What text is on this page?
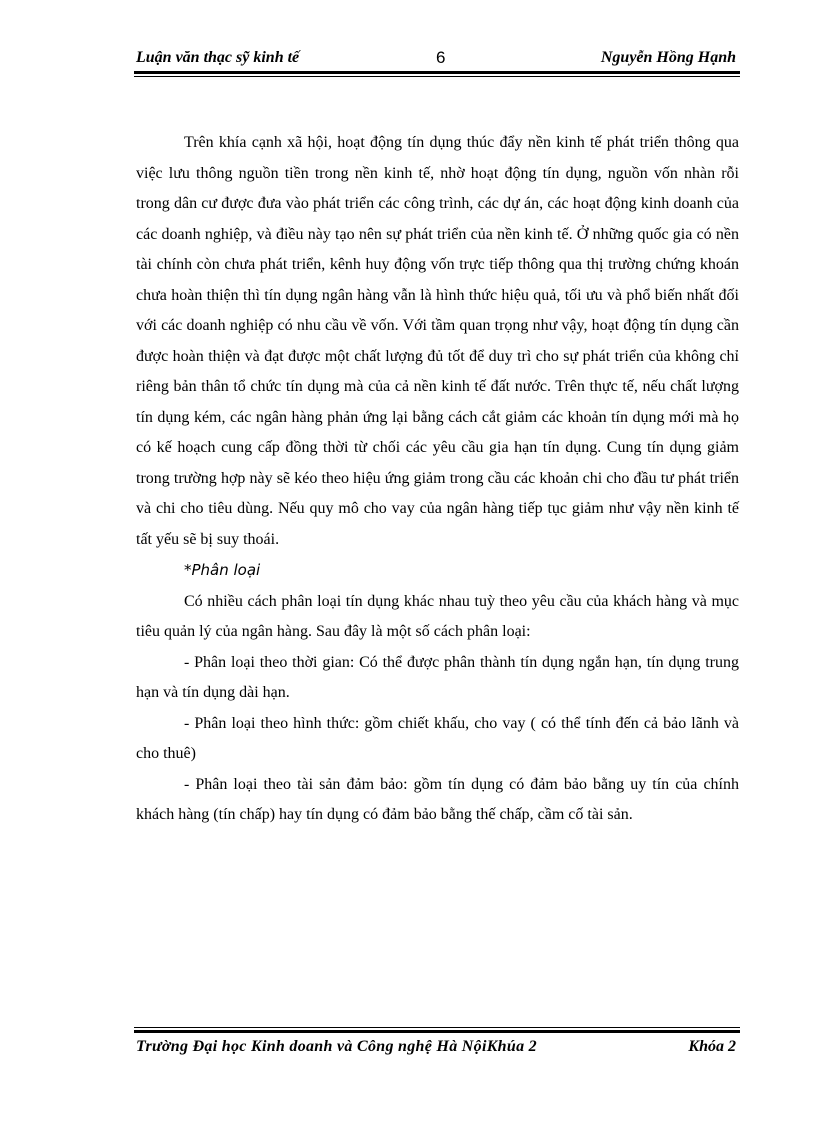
Luận văn thạc sỹ kinh tế	6	Nguyễn Hồng Hạnh

Trên khía cạnh xã hội, hoạt động tín dụng thúc đẩy nền kinh tế phát triển thông qua việc lưu thông nguồn tiền trong nền kinh tế, nhờ hoạt động tín dụng, nguồn vốn nhàn rỗi trong dân cư được đưa vào phát triển các công trình, các dự án, các hoạt động kinh doanh của các doanh nghiệp, và điều này tạo nên sự phát triển của nền kinh tế. Ở những quốc gia có nền tài chính còn chưa phát triển, kênh huy động vốn trực tiếp thông qua thị trường chứng khoán chưa hoàn thiện thì tín dụng ngân hàng vẫn là hình thức hiệu quả, tối ưu và phổ biến nhất đối với các doanh nghiệp có nhu cầu về vốn. Với tầm quan trọng như vậy, hoạt động tín dụng cần được hoàn thiện và đạt được một chất lượng đủ tốt để duy trì cho sự phát triển của không chỉ riêng bản thân tổ chức tín dụng mà của cả nền kinh tế đất nước. Trên thực tế, nếu chất lượng tín dụng kém, các ngân hàng phản ứng lại bằng cách cắt giảm các khoản tín dụng mới mà họ có kế hoạch cung cấp đồng thời từ chối các yêu cầu gia hạn tín dụng. Cung tín dụng giảm trong trường hợp này sẽ kéo theo hiệu ứng giảm trong cầu các khoản chi cho đầu tư phát triển và chi cho tiêu dùng. Nếu quy mô cho vay của ngân hàng tiếp tục giảm như vậy nền kinh tế tất yếu sẽ bị suy thoái.

*Phân loại

Có nhiều cách phân loại tín dụng khác nhau tuỳ theo yêu cầu của khách hàng và mục tiêu quản lý của ngân hàng. Sau đây là một số cách phân loại:

- Phân loại theo thời gian: Có thể được phân thành tín dụng ngắn hạn, tín dụng trung hạn và tín dụng dài hạn.

- Phân loại theo hình thức: gồm chiết khấu, cho vay ( có thể tính đến cả bảo lãnh và cho thuê)

- Phân loại theo tài sản đảm bảo: gồm tín dụng có đảm bảo bằng uy tín của chính khách hàng (tín chấp) hay tín dụng có đảm bảo bằng thế chấp, cầm cố tài sản.

Trường Đại học Kinh doanh và Công nghệ Hà NộiKhúa 2	Khóa 2
